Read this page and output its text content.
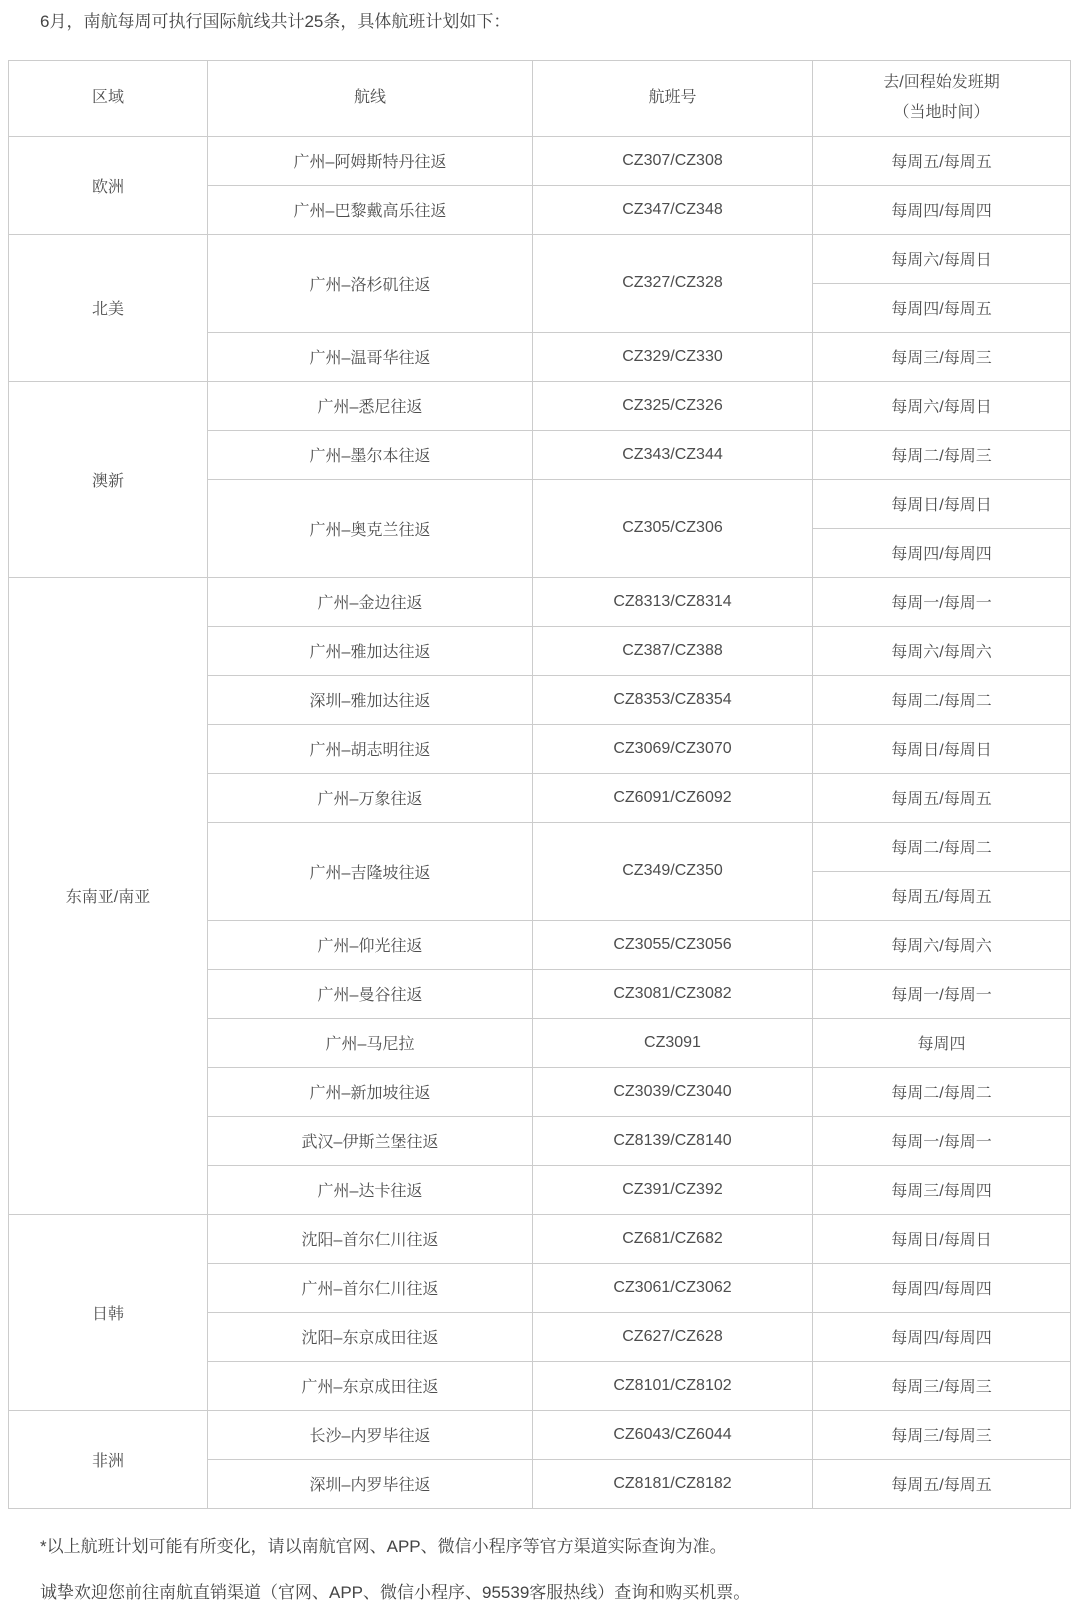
6月，南航每周可执行国际航线共计25条，具体航班计划如下：

区域	航线	航班号	去/回程始发班期
（当地时间）

欧洲	广州–阿姆斯特丹往返	CZ307/CZ308	每周五/每周五
	广州–巴黎戴高乐往返	CZ347/CZ348	每周四/每周四
北美	广州–洛杉矶往返	CZ327/CZ328	每周六/每周日
			每周四/每周五
	广州–温哥华往返	CZ329/CZ330	每周三/每周三
澳新	广州–悉尼往返	CZ325/CZ326	每周六/每周日
	广州–墨尔本往返	CZ343/CZ344	每周二/每周三
	广州–奥克兰往返	CZ305/CZ306	每周日/每周日
			每周四/每周四
东南亚/南亚	广州–金边往返	CZ8313/CZ8314	每周一/每周一
	广州–雅加达往返	CZ387/CZ388	每周六/每周六
	深圳–雅加达往返	CZ8353/CZ8354	每周二/每周二
	广州–胡志明往返	CZ3069/CZ3070	每周日/每周日
	广州–万象往返	CZ6091/CZ6092	每周五/每周五
	广州–吉隆坡往返	CZ349/CZ350	每周二/每周二
			每周五/每周五
	广州–仰光往返	CZ3055/CZ3056	每周六/每周六
	广州–曼谷往返	CZ3081/CZ3082	每周一/每周一
	广州–马尼拉	CZ3091	每周四
	广州–新加坡往返	CZ3039/CZ3040	每周二/每周二
	武汉–伊斯兰堡往返	CZ8139/CZ8140	每周一/每周一
	广州–达卡往返	CZ391/CZ392	每周三/每周四
日韩	沈阳–首尔仁川往返	CZ681/CZ682	每周日/每周日
	广州–首尔仁川往返	CZ3061/CZ3062	每周四/每周四
	沈阳–东京成田往返	CZ627/CZ628	每周四/每周四
	广州–东京成田往返	CZ8101/CZ8102	每周三/每周三
非洲	长沙–内罗毕往返	CZ6043/CZ6044	每周三/每周三
	深圳–内罗毕往返	CZ8181/CZ8182	每周五/每周五

*以上航班计划可能有所变化，请以南航官网、APP、微信小程序等官方渠道实际查询为准。

诚挚欢迎您前往南航直销渠道（官网、APP、微信小程序、95539客服热线）查询和购买机票。
